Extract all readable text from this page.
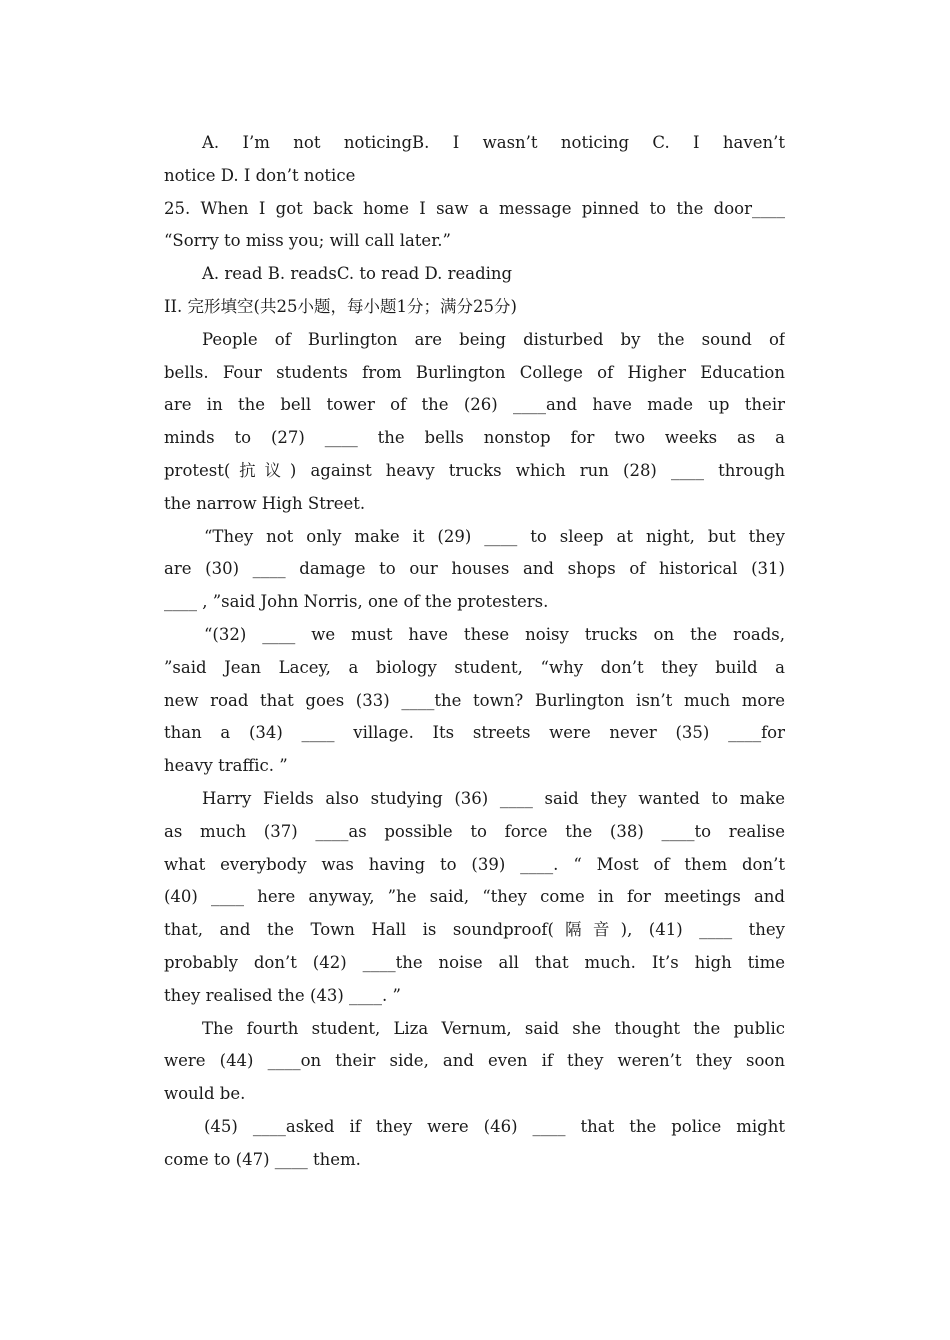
A. I’m not noticingB. I wasn’t noticing C. I haven’t
notice D. I don’t notice
25. When I got back home I saw a message pinned to the door____
“Sorry to miss you; will call later.”
A. read B. readsC. to read D. reading
II. 完形填空(共25小题，每小题1分；满分25分)
People of Burlington are being disturbed by the sound of
bells. Four students from Burlington College of Higher Education
are in the bell tower of the (26) ____and have made up their
minds to (27) ____ the bells nonstop for two weeks as a
protest(抗议) against heavy trucks which run (28) ____ through
the narrow High Street.
“They not only make it (29) ____ to sleep at night, but they
are (30) ____ damage to our houses and shops of historical (31)
____ , ”said John Norris, one of the protesters.
“(32) ____ we must have these noisy trucks on the roads,
”said Jean Lacey, a biology student, “why don’t they build a
new road that goes (33) ____the town? Burlington isn’t much more
than a (34) ____ village. Its streets were never (35) ____for
heavy traffic. ”
Harry Fields also studying (36) ____ said they wanted to make
as much (37) ____as possible to force the (38) ____to realise
what everybody was having to (39) ____. “ Most of them don’t
(40) ____ here anyway, ”he said, “they come in for meetings and
that, and the Town Hall is soundproof(隔音), (41) ____ they
probably don’t (42) ____the noise all that much. It’s high time
they realised the (43) ____. ”
The fourth student, Liza Vernum, said she thought the public
were (44) ____on their side, and even if they weren’t they soon
would be.
(45) ____asked if they were (46) ____ that the police might
come to (47) ____ them.
